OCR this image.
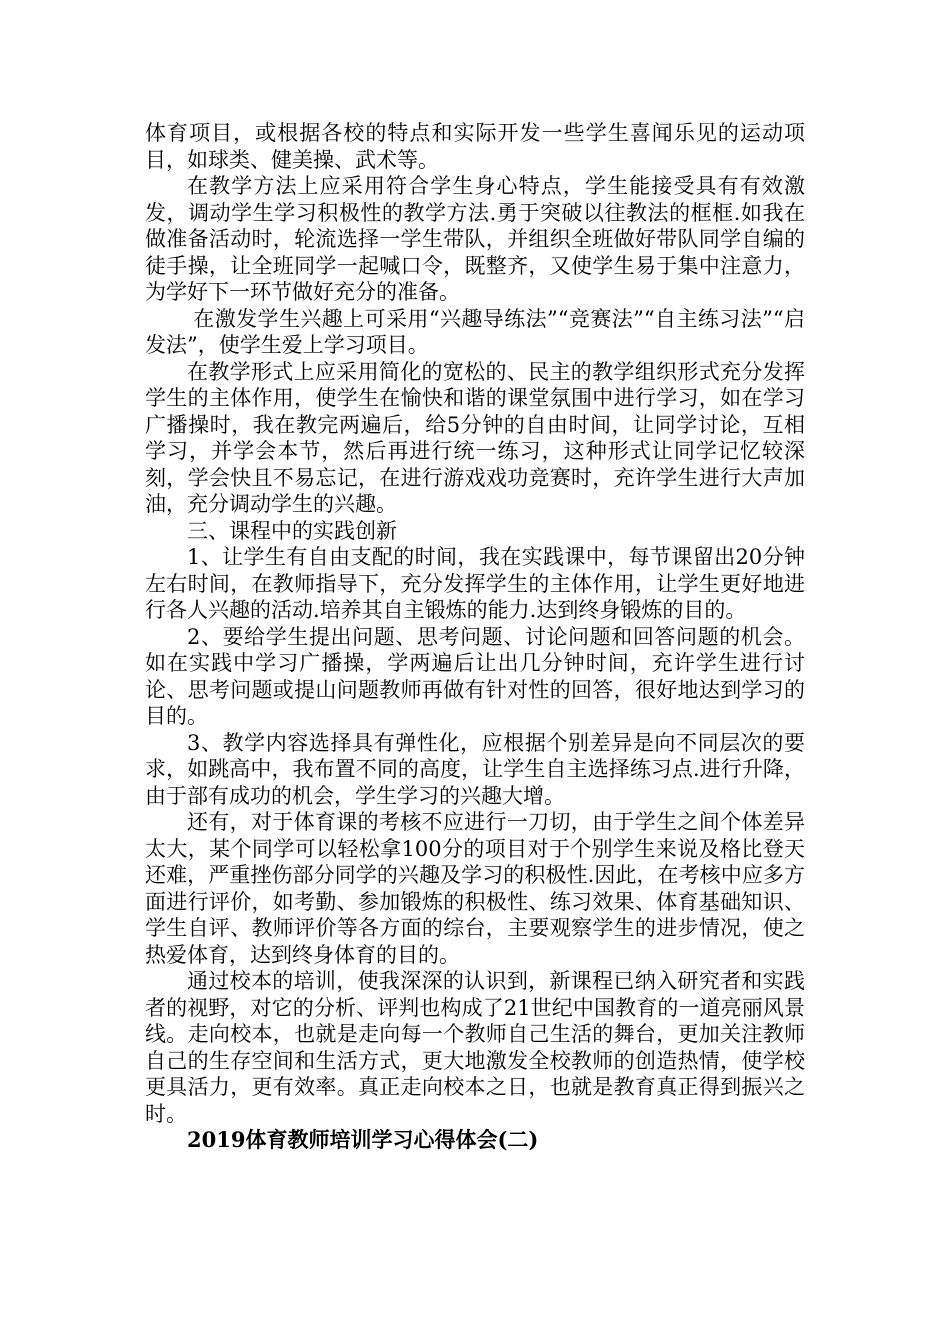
体育项目，或根据各校的特点和实际开发一些学生喜闻乐见的运动项目，如球类、健美操、武术等。

在教学方法上应采用符合学生身心特点，学生能接受具有有效激发，调动学生学习积极性的教学方法.勇于突破以往教法的框框.如我在做准备活动时，轮流选择一学生带队，并组织全班做好带队同学自编的徒手操，让全班同学一起喊口令，既整齐，又使学生易于集中注意力，为学好下一环节做好充分的准备。

在激发学生兴趣上可采用“兴趣导练法”“竞赛法”“自主练习法”“启发法”，使学生爱上学习项目。

在教学形式上应采用简化的宽松的、民主的教学组织形式充分发挥学生的主体作用，使学生在愉快和谐的课堂氛围中进行学习，如在学习广播操时，我在教完两遍后，给5分钟的自由时间，让同学讨论，互相学习，并学会本节，然后再进行统一练习，这种形式让同学记忆较深刻，学会快且不易忘记，在进行游戏戏功竞赛时，充许学生进行大声加油，充分调动学生的兴趣。

三、课程中的实践创新

1、让学生有自由支配的时间，我在实践课中，每节课留出20分钟左右时间，在教师指导下，充分发挥学生的主体作用，让学生更好地进行各人兴趣的活动.培养其自主锻炼的能力.达到终身锻炼的目的。

2、要给学生提出问题、思考问题、讨论问题和回答问题的机会。如在实践中学习广播操，学两遍后让出几分钟时间，充许学生进行讨论、思考问题或提山问题教师再做有针对性的回答，很好地达到学习的目的。

3、教学内容选择具有弹性化，应根据个别差异是向不同层次的要求，如跳高中，我布置不同的高度，让学生自主选择练习点.进行升降，由于部有成功的机会，学生学习的兴趣大增。

还有，对于体育课的考核不应进行一刀切，由于学生之间个体差异太大，某个同学可以轻松拿100分的项目对于个别学生来说及格比登天还难，严重挫伤部分同学的兴趣及学习的积极性.因此，在考核中应多方面进行评价，如考勤、参加锻炼的积极性、练习效果、体育基础知识、学生自评、教师评价等各方面的综台，主要观察学生的进步情况，使之热爱体育，达到终身体育的目的。

通过校本的培训，使我深深的认识到，新课程已纳入研究者和实践者的视野，对它的分析、评判也构成了21世纪中国教育的一道亮丽风景线。走向校本，也就是走向每一个教师自己生活的舞台，更加关注教师自己的生存空间和生活方式，更大地激发全校教师的创造热情，使学校更具活力，更有效率。真正走向校本之日，也就是教育真正得到振兴之时。

2019体育教师培训学习心得体会(二)
